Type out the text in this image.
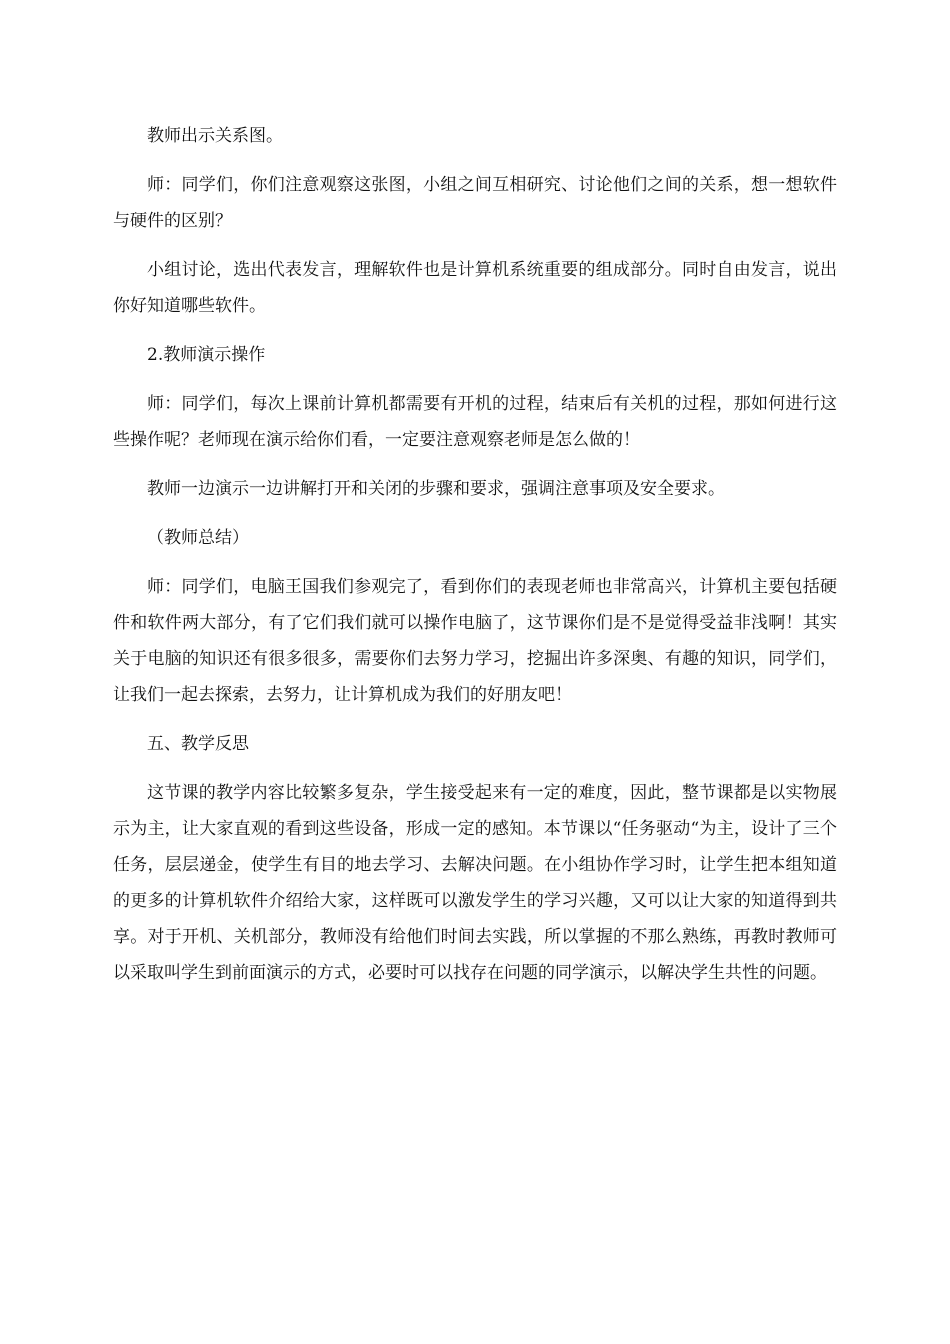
教师出示关系图。

师：同学们，你们注意观察这张图，小组之间互相研究、讨论他们之间的关系，想一想软件与硬件的区别？

小组讨论，选出代表发言，理解软件也是计算机系统重要的组成部分。同时自由发言，说出你好知道哪些软件。

2.教师演示操作

师：同学们，每次上课前计算机都需要有开机的过程，结束后有关机的过程，那如何进行这些操作呢？老师现在演示给你们看，一定要注意观察老师是怎么做的！

教师一边演示一边讲解打开和关闭的步骤和要求，强调注意事项及安全要求。

（教师总结）

师：同学们，电脑王国我们参观完了，看到你们的表现老师也非常高兴，计算机主要包括硬件和软件两大部分，有了它们我们就可以操作电脑了，这节课你们是不是觉得受益非浅啊！其实关于电脑的知识还有很多很多，需要你们去努力学习，挖掘出许多深奥、有趣的知识，同学们，让我们一起去探索，去努力，让计算机成为我们的好朋友吧！

五、教学反思

这节课的教学内容比较繁多复杂，学生接受起来有一定的难度，因此，整节课都是以实物展示为主，让大家直观的看到这些设备，形成一定的感知。本节课以“任务驱动“为主，设计了三个任务，层层递金，使学生有目的地去学习、去解决问题。在小组协作学习时，让学生把本组知道的更多的计算机软件介绍给大家，这样既可以激发学生的学习兴趣，又可以让大家的知道得到共享。对于开机、关机部分，教师没有给他们时间去实践，所以掌握的不那么熟练，再教时教师可以采取叫学生到前面演示的方式，必要时可以找存在问题的同学演示，以解决学生共性的问题。
